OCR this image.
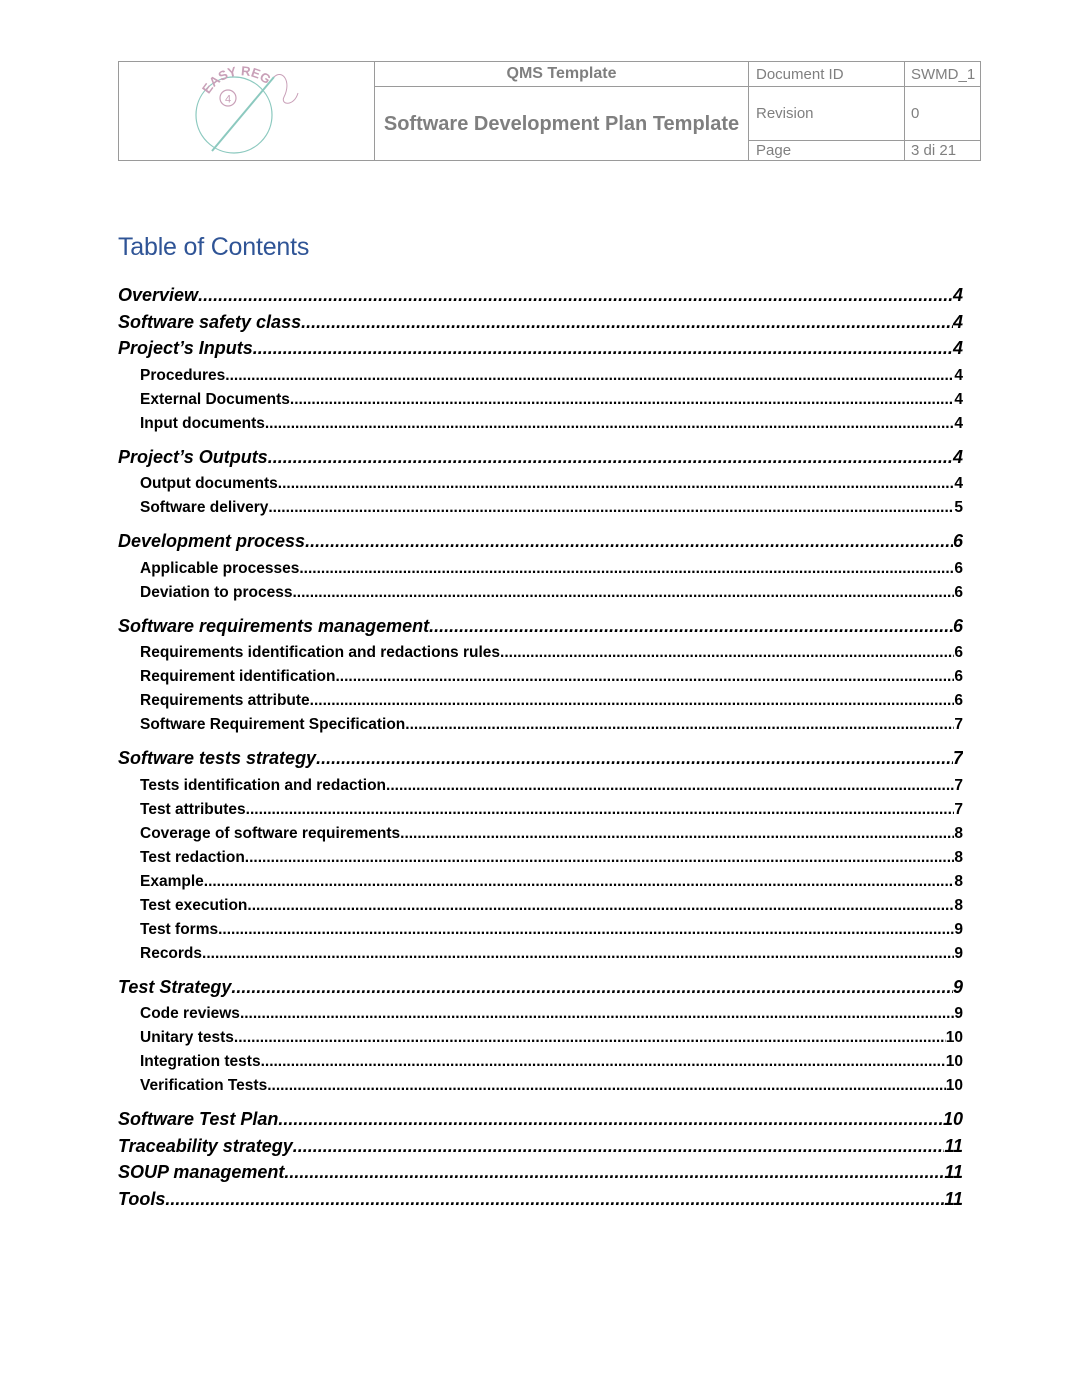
EASY REG
4	QMS Template	Document ID	SWMD_1

	Software Development Plan Template	Revision	0
		Page	3 di 21
Table of Contents
Overview .....	4
Software safety class .....	4
Project’s Inputs .....	4
Procedures .....	4
External Documents .....	4
Input documents .....	4
Project’s Outputs .....	4
Output documents .....	4
Software delivery .....	5
Development process .....	6
Applicable processes .....	6
Deviation to process .....	6
Software requirements management .....	6
Requirements identification and redactions rules .....	6
Requirement identification .....	6
Requirements attribute .....	6
Software Requirement Specification .....	7
Software tests strategy .....	7
Tests identification and redaction .....	7
Test attributes .....	7
Coverage of software requirements .....	8
Test redaction .....	8
Example .....	8
Test execution .....	8
Test forms .....	9
Records .....	9
Test Strategy .....	9
Code reviews .....	9
Unitary tests .....	10
Integration tests .....	10
Verification Tests .....	10
Software Test Plan .....	10
Traceability strategy .....	11
SOUP management .....	11
Tools .....	11
